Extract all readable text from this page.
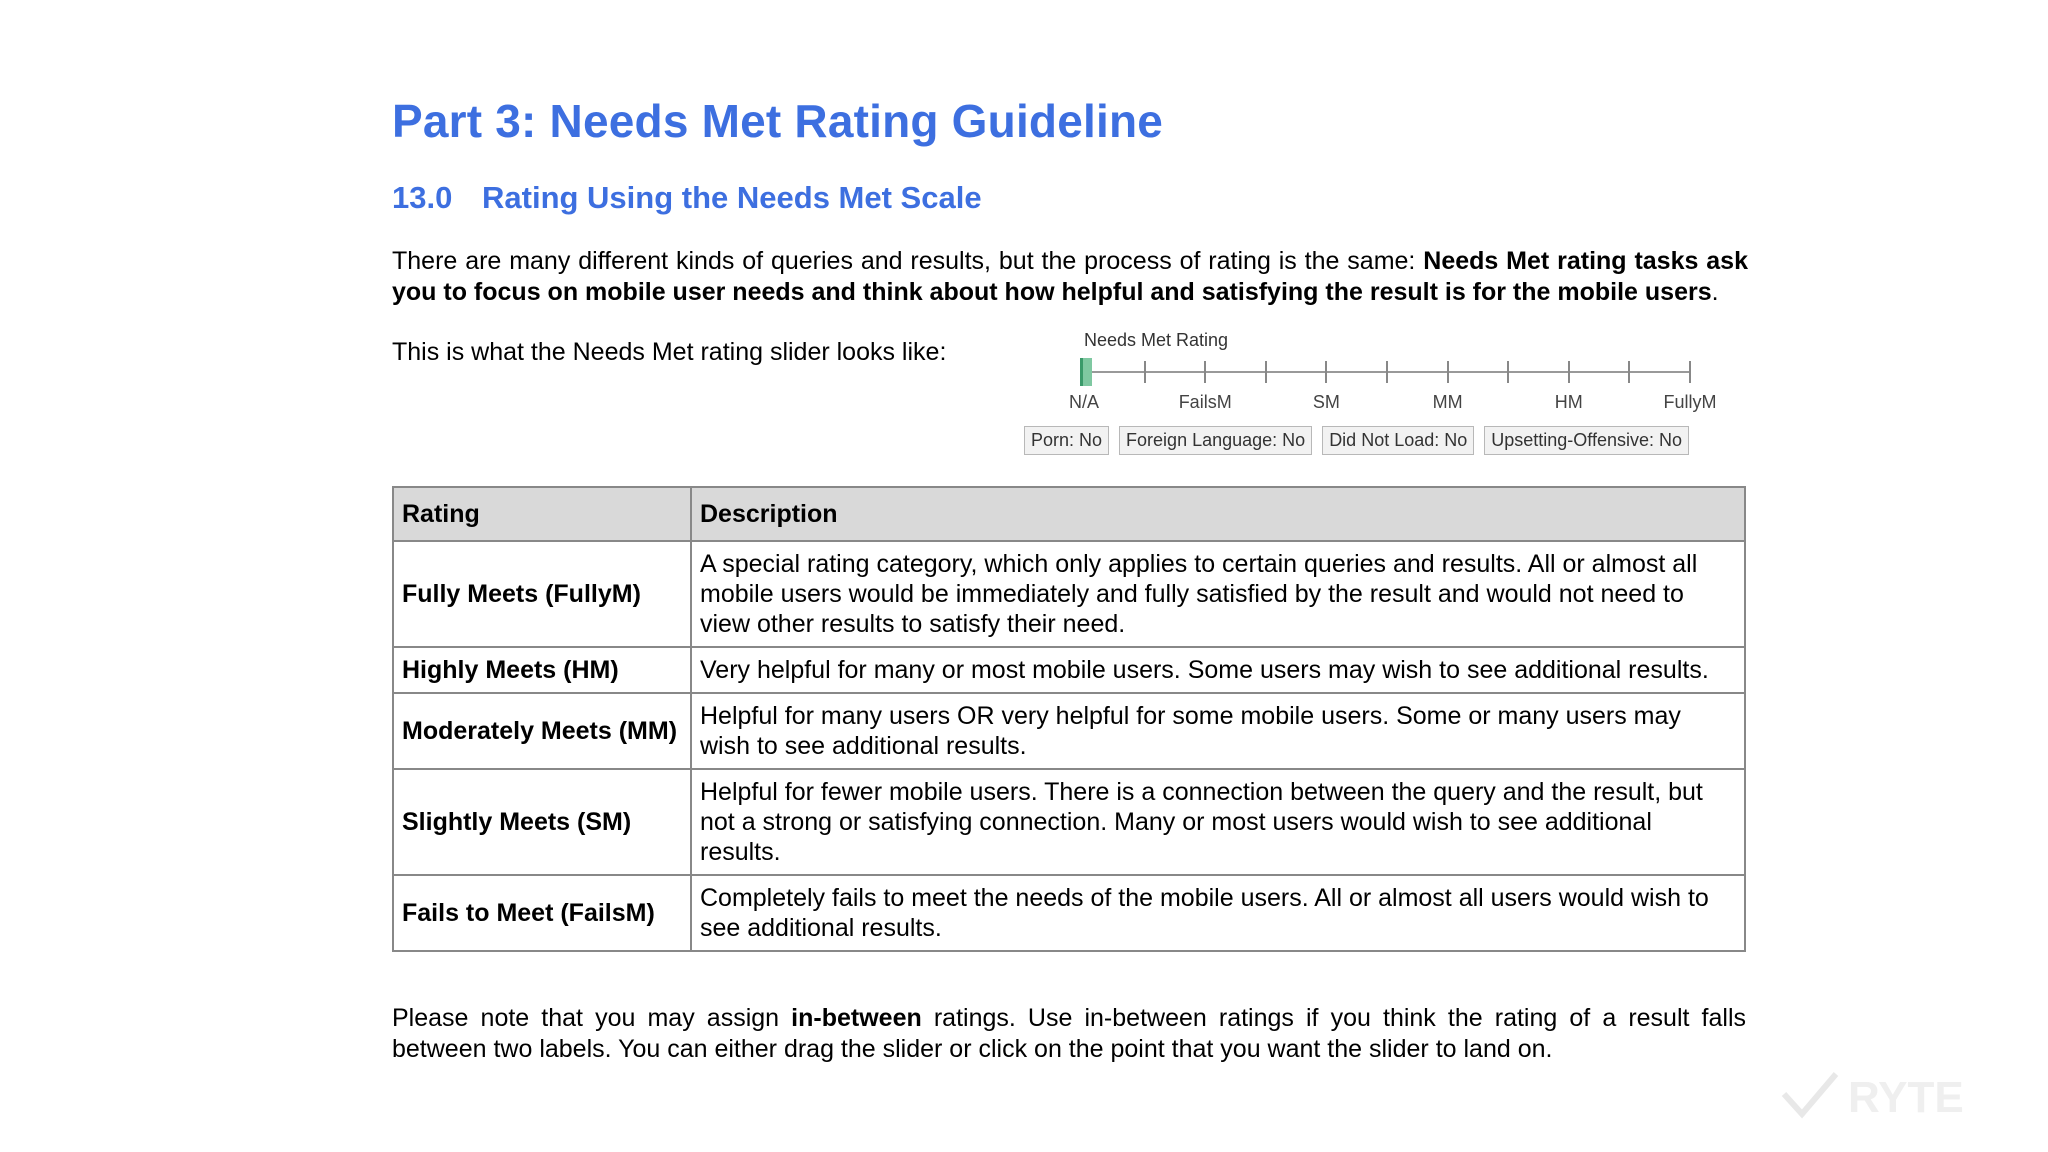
Part 3: Needs Met Rating Guideline
13.0 Rating Using the Needs Met Scale

There are many different kinds of queries and results, but the process of rating is the same: Needs Met rating tasks ask you to focus on mobile user needs and think about how helpful and satisfying the result is for the mobile users.

This is what the Needs Met rating slider looks like:	Needs Met Rating
N/A	FailsM	SM	MM	HM	FullyM
Porn: No	Foreign Language: No	Did Not Load: No	Upsetting-Offensive: No
Rating	Description
Fully Meets (FullyM)	A special rating category, which only applies to certain queries and results. All or almost all mobile users would be immediately and fully satisfied by the result and would not need to view other results to satisfy their need.
Highly Meets (HM)	Very helpful for many or most mobile users. Some users may wish to see additional results.
Moderately Meets (MM)	Helpful for many users OR very helpful for some mobile users. Some or many users may wish to see additional results.
Slightly Meets (SM)	Helpful for fewer mobile users. There is a connection between the query and the result, but not a strong or satisfying connection. Many or most users would wish to see additional results.
Fails to Meet (FailsM)	Completely fails to meet the needs of the mobile users. All or almost all users would wish to see additional results.

Please note that you may assign in-between ratings. Use in-between ratings if you think the rating of a result falls between two labels. You can either drag the slider or click on the point that you want the slider to land on.

RYTE
